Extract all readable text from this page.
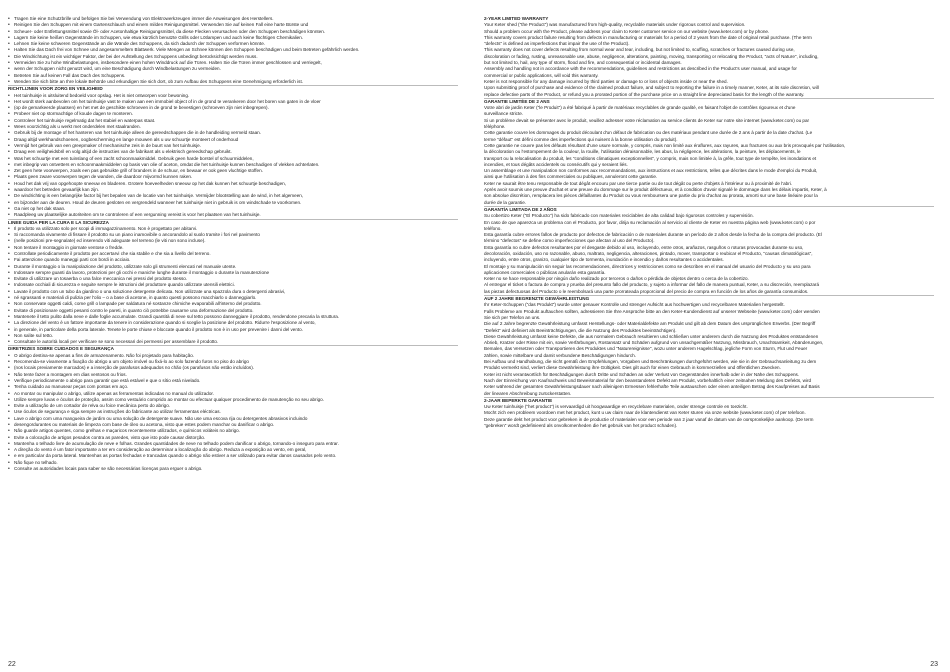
• Tragen Sie eine Schutzbrille und befolgen Sie bei Verwendung von Elektrowerkzeugen immer die Anweisungen des Herstellers.
• Reinigen Sie den Schuppen mit einem Gartenschlauch und einem milden Reinigungsmittel. Verwenden Sie auf keinen Fall eine harte Bürste und
• Scheuer- oder Entfettungsmittel sowie Öl- oder Acetonhaltige Reinigungsmittel, da diese Flecken verursachen oder den Schuppen beschädigen könnten.
• Lagern Sie keine heißen Gegenstände im Schuppen, wie etwa kürzlich benutzte Grills oder Lötlampen und auch keine flüchtigen Chemikalien.
• Lehnen Sie keine schweren Gegenstände an die Wände des Schuppens, da sich dadurch der Schuppen verformen könnte.
• Halten Sie das Dach frei von Schnee und angesammeltem Blattwerk. Viele Mengen an Schnee können den Schuppen beschädigen und beim Betreten gefährlich werden.
• Die Windrichtung ist ein wichtiger Faktor, der bei der Aufstellung des Schuppens unbedingt berücksichtigt werden muss.
• Vermeiden Sie zu hohe Windbelastungen, insbesondere einen hohen Winddruck auf die Türen. Halten Sie die Türen immer geschlossen und verriegelt,
• wenn der Schuppen nicht genutzt wird, um eine Beschädigung durch Windbelastungen zu vermeiden.
• Betreten Sie auf keinen Fall das Dach des Schuppens.
• Wenden Sie sich bitte an Ihre lokale Behörde und erkundigen Sie sich dort, ob zum Aufbau des Schuppens eine Genehmigung erforderlich ist.

RICHTLIJNEN VOOR ZORG EN VEILIGHEID

• Het tuinhuisje is uitsluitend bedoeld voor opslag. Het is niet ontworpen voor bewoning.
• Het wordt sterk aanbevolen om het tuinhuisje vast te maken aan een immobiel object of in de grond te verankeren door het boren van gaten in de vloer
• (op de gemarkeerde plaatsen) en het met de geschikte schroeven in de grond te bevestigen (schroeven zijn niet inbegrepen).
• Probeer niet op stormachtige of koude dagen te monteren.
• Controleer het tuinhuisje regelmatig dat het stabiel en waterpas staat.
• Wees voorzichtig als u werkt met onderdelen met staalranden.
• Gebruik bij de montage of het hanteren van het tuinhuisje alleen de gereedschappen die in de handleiding vermeld staan.
• Draag altijd werkhandschoenen, oogbescherming en lange mouwen als u uw schuurtje monteert of onderhoud
• Vermijd het gebruik van een greepmaker of mechanische zeis in de buurt van het tuinhuisje.
• Draag een veiligheidsbril en volg altijd de instructies van de fabrikant als u elektrisch gereedschap gebruikt.
• Was het schuurtje met een tuinslang of een zacht schoonmaakmiddel. Gebruik geen harde borstel of schuurmiddelen,
• met inbegrip van ontvetters en schoonmaakmiddelen op basis van olie of aceton, omdat die het tuinhuisje kunnen beschadigen of vlekken achterlaten.
• Zet geen hete voorwerpen, zoals een pas gebruikte grill of branders in de schuur, en bewaar er ook geen vluchtige stoffen.
• Plaats geen zware voorwerpen tegen de wanden, die daardoor mijvormd kunnen raken.
• Houd het dak vrij van opgehoopte sneeuw en bladeren. Grotere hoeveelheden sneeuw op het dak kunnen het schuurtje beschadigen,
• waardoor het betreden gevaarlijk kan zijn.
• De windrichting is een belangrijke factor bij het bepalen van de locatie van het tuinhuisje. Vermijder blootstelling aan de wind, in het algemeen,
• en bijzonder aan de deuren. Houd de deuren gesloten en vergrendeld wanneer het tuinhuisje niet in gebruik is om windschade te voorkomen.
• Ga niet op het dak staan.
• Raadpleeg uw plaatselijke autoriteiten om te controleren of een vergunning vereist is voor het plaatsen van het tuinhuisje.

LINEE GUIDA PER LA CURA E LA SICUREZZA

• Il prodotto va utilizzato solo per scopi di immagazzinamento. Non è progettato per abitarvi.
• Si raccomanda vivamente di fissare il prodotto su un piano inamovibile o ancorandolo al suolo tramite i fori nel pavimento
• (nelle posizioni pre-segnalate) ed inserendo viti adeguate nel terreno (le viti non sono incluse).
• Non tentare il montaggio in giornate ventose o fredde.
• Controllate periodicamente il prodotto per accertarvi che sia stabile e che sia a livello del terreno.
• Fai attenzione quando maneggi parti con bordi in acciaio.
• Durante il montaggio o la manipolazione del prodotto, utilizzate solo gli strumenti elencati nel manuale utente.
• Indossare sempre guanti da lavoro, protezioni per gli occhi e maniche lunghe durante il montaggio o durante la manutenzione
• Evitate di utilizzare un tosaerba o una falce meccanica nei pressi del prodotto stesso.
• Indossate occhiali di sicurezza e seguite sempre le istruzioni del produttore quando utilizzate utensili elettrici.
• Lavate il prodotto con un tubo da giardino o una soluzione detergente delicata. Non utilizzate una spazzola dura o detergenti abrasivi,
• né sgrassanti e materiali di pulizia per l'olio – o a base di acetone, in quanto questi possono macchiarlo o danneggiarlo.
• Non conservate oggetti caldi, come grill o lampade per saldatura né sostanze chimiche evaporabili all'interno del prodotto.
• Evitate di posizionare oggetti pesanti contro le pareti, in quanto ciò potrebbe causarne una deformazione del prodotto.
• Mantenete il tetto pulito dalla neve e dalle foglie accumulate. Grandi quantità di neve sul tetto possono danneggiare il prodotto, rendendone precaria la struttura.
• La direzione del vento è un fattore importante da tenere in considerazione quando si sceglie la posizione del prodotto. Ridurre l'esposizione al vento,
• in generale, in particolare della porta laterale. Tenete le porte chiuse e bloccate quando il prodotto non è in uso per prevenire i danni del vento.
• Non salite sul tetto.
• Consultate le autorità locali per verificare se sono necessari dei permessi per assemblare il prodotto.

DIRETRIZES SOBRE CUIDADOS E SEGURANÇA

• O abrigo destina-se apenas a fins de armazenamento. Não foi projetado para habitação.
• Recomenda-se vivamente a fixação do abrigo a um objeto imóvel ou fixá-lo ao solo fazendo furos no piso do abrigo
• (nos locais previamente marcados) e a inserção de parafusos adequados no chão (os parafusos não estão incluídos).
• Não tente fazer a montagem em dias ventosos ou frios.
• Verifique periodicamente o abrigo para garantir que está estável e que o sítio está nivelado.
• Tenha cuidado ao manusear peças com pontas em aço.
• Ao montar ou manipular o abrigo, utilize apenas as ferramentas indicadas no manual do utilizador.
• Utilize sempre luvas e óculos de proteção, assim como vestuário comprido ao montar ou efectuar qualquer procedimento de manutenção no seu abrigo.
• Evite a utilização de um cortador de relva ou foice mecânica perto do abrigo.
• Use óculos de segurança e siga sempre as instruções do fabricante ao utilizar ferramentas eléctricas.
• Lave o abrigo com uma mangueira de jardim ou uma solução de detergente suave. Não use uma escova rija ou detergentes abrasivos incluindo
• desengordurantes ou materiais de limpeza com base de óleo ou acetona, visto que estes podem manchar ou danificar o abrigo.
• Não guarde artigos quentes, como grelhas e maçaricos recentemente utilizados, e químicos voláteis no abrigo.
• Evite a colocação de artigos pesados contra as paredes, visto que isto pode causar distorção.
• Mantenha o telhado livre de acumulação de neve e folhas. Grandes quantidades de neve no telhado podem danificar o abrigo, tornando-o inseguro para entrar.
• A direção do vento é um fator importante a ter em consideração ao determinar a localização do abrigo. Reduza a exposição ao vento, em geral,
• e em particular da porta lateral. Mantenhas as portas fechadas e trancadas quando o abrigo não estiver a ser utilizado para evitar danos causados pelo vento.
• Não fique no telhado.
• Consulte as autoridades locais para saber se são necessárias licenças para erguer o abrigo.

2-YEAR LIMITED WARRANTY

Your Keter shed ("the Product") was manufactured from high-quality, recyclable materials under rigorous control and supervision.

Should a problem occur with the Product, please address your claim to Keter customer service on our website (www.keter.com) or by phone.

This warranty covers product failure resulting from defects in manufacturing or materials for a period of 2 years from the date of original retail purchase. (The term

"defects" is defined as imperfections that impair the use of the Product).

This warranty does not cover defects resulting from normal wear and tear, including, but not limited to, scuffing, scratches or fractures caused during use,

discoloration or fading, rusting, unreasonable use, abuse, negligence, alterations, painting, moving, transporting or relocating the Product, "acts of Nature", including,

but not limited to, hail, any type of storm, flood and fire, and consequential or incidental damages.

Assembly and handling not in accordance with the recommendations, guidelines and restrictions as described in the Product's user manual, and usage for

commercial or public applications, will void this warranty.

Keter is not responsible for any damage incurred by third parties or damage to or loss of objects inside or near the shed.

Upon submitting proof of purchase and evidence of the claimed product failure, and subject to reporting the failure in a timely manner, Keter, at its sole discretion, will

replace defective parts of the Product, or refund you a prorated portion of the purchase price on a straight line depreciated basis for the length of the warranty.

GARANTIE LIMITÉE DE 2 ANS

Votre abri de jardin Keter ("le Produit") a été fabriqué à partir de matériaux recyclables de grande qualité, en faisant l'objet de contrôles rigoureux et d'une

surveillance stricte.

Si un problème devait se présenter avec le produit, veuillez adresser votre réclamation au service clients de Keter sur notre site internet (www.keter.com) ou par

téléphone.

Cette garantie couvre les dommages du produit découlant d'un défaut de fabrication ou des matériaux pendant une durée de 2 ans à partir de la date d'achat. (Le

terme "défaut" est défini comme des imperfections qui nuisent à la bonne utilisation du produit).

Cette garantie ne couvre pas les défauts résultant d'une usure normale, y compris, mais non limité aux éraflures, aux rayures, aux fractures ou aux bris provoqués par l'utilisation,

la décoloration ou l'estompement de la couleur, la rouille, l'utilisation déraisonnable, les abus, la négligence, les altérations, la peinture, les déplacements, le

transport ou la relocalisation du produit, les "conditions climatiques exceptionnelles", y compris, mais non limitée à, la grêle, tout type de tempête, les inondations et

incendies, et tous dégâts accidentels ou consécutifs qui y seraient liés.

Un assemblage et une manipulation non conformes aux recommandations, aux instructions et aux restrictions, telles que décrites dans le mode d'emploi du Produit,

ainsi que l'utilisation à des fins commerciales ou publiques, annuleront cette garantie.

Keter ne saurait être tenu responsable de tout dégât encouru par une tierce partie ou de tout dégât ou perte d'objets à l'intérieur ou à proximité de l'abri.

Après avoir soumis une preuve d'achat et une preuve du dommage sur le produit défectueux, et à condition d'avoir signalé le dommage dans les délais impartis, Keter, à

son absolue discrétion, remplacera les pièces défaillantes du Produit ou vous remboursera une partie du prix d'achat au prorata, amorti sur une base linéaire pour la

durée de la garantie.

GARANTÍA LIMITADA DE 2 AÑOS

Su cobertizo Keter ("El Producto") ha sido fabricado con materiales reciclables de alta calidad bajo rigurosos controles y supervisión.

En caso de que aparezca un problema con el Producto, por favor, dirija su reclamación al servicio al cliente de Keter en nuestra página web (www.keter.com) o por

teléfono.

Esta garantía cubre errores fallos de producto por defectos de fabricación o de materiales durante un período de 2 años desde la fecha de la compra del producto. (El

término "defectos" se define como imperfecciones que afectan al uso del Producto).

Esta garantía no cubre defectos resultantes por el desgaste debido al uso, incluyendo, entre otros, arañazos, rasguños o roturas provocadas durante su uso,

decoloración, oxidación, uso no razonable, abuso, maltrato, negligencia, alteraciones, pintado, mover, transportar o reubicar el Producto, "causas climatológicas",

incluyendo, entre otros, granizo, cualquier tipo de tormenta, inundación e incendio y daños resultantes o accidentales.

El montaje y su manipulación sin seguir las recomendaciones, directrices y restricciones como se describen en el manual del usuario del Producto y su uso para

aplicaciones comerciales o públicas anularán esta garantía.

Keter no se hace responsable por ningún daño realizado por terceros o daños o pérdida de objetos dentro o cerca de la cobertizo.

Al entregar el ticket o factura de compra y prueba del presunto fallo del producto, y sujeto a informar del fallo de manera puntual, Keter, a su discreción, reemplazará

las piezas defectuosas del Producto o le reembolsará una parte prorrateada proporcional del precio de compra en función de los años de garantía consumidos.

AUF 2 JAHRE BEGRENZTE GEWÄHRLEISTUNG

Ihr Keter-Schuppen ("das Produkt") wurde unter genauer Kontrolle und strenger Aufsicht aus hochwertigen und recycelbaren Materialien hergestellt.

Falls Probleme am Produkt auftauchen sollten, adressieren Sie Ihre Ansprüche bitte an den Keter-Kundendienst auf unserer Webseite (www.keter.com) oder wenden

Sie sich per Telefon an uns.

Die auf 2 Jahre begrenzte Gewährleistung umfasst Herstellungs- oder Materialdefekte am Produkt und gilt ab dem Datum des ursprünglichen Erwerbs. (Der Begriff

"Defekt" wird definiert als Beeinträchtigungen, die die Nutzung des Produktes beeinträchtigen).

Diese Gewährleistung umfasst keine Defekte, die aus normalem Gebrauch resultieren und schließen unter anderem durch die Nutzung des Produktes entstandenen

Abrieb, Kratzer oder Risse mit ein, sowie Verfärbungen, Rostansatz und Schäden aufgrund von unsachgemäßer Nutzung, Missbrauch, Unachtsamkeit, Abänderungen,

Bemalen, das Versetzen oder Transportieren des Produktes und "Naturereignisse", wozu unter anderem Hagelschlag, jegliche Form von Sturm, Flut und Feuer

zählen, sowie mittelbare und damit verbundene Beschädigungen hindurch.

Bei Aufbau und Handhabung, die nicht gemäß den Empfehlungen, Vorgaben und Beschränkungen durchgeführt werden, wie sie in der Gebrauchsanleitung zu dem

Produkt vermerkt sind, verliert diese Gewährleistung ihre Gültigkeit. Dies gilt auch für einen Gebrauch in kommerziellen und öffentlichen Zwecken.

Keter ist nicht verantwortlich für Beschädigungen durch Dritte und Schäden an oder Verlust von Gegenständen innerhalb oder in der Nähe des Schuppens.

Nach der Einreichung von Kaufnachweis und Beweismaterial für den beanstandeten Defekt am Produkt, vorbehaltlich einer zeitnahen Meldung des Defekts, wird

Keter während der gesamten Gewährleistungsdauer nach alleinigem Ermessen fehlerhafte Teile austauschen oder einen anteiligen Betrag des Kaufpreises auf Basis

der linearen Abschreibung zurückerstatten.

2-JAAR BEPERKTE GARANTIE

Uw Keter tuinhuisje ("het product") is vervaardigd uit hoogwaardige en recyclebare materialen, onder strenge controle en toezicht.

Mocht zich een probleem voordoen met het product, kunt u uw claim naar de klantendienst van Keter sturen via onze website (www.keter.com) of per telefoon.

Deze garantie dekt het product voor gebreken in de productie of materialen voor een periode van 2 jaar vanaf de datum van de oorspronkelijke aankoop. (De term

"gebreken" wordt gedefinieerd als onvolkomenheden die het gebruik van het product schaden).

22	23
